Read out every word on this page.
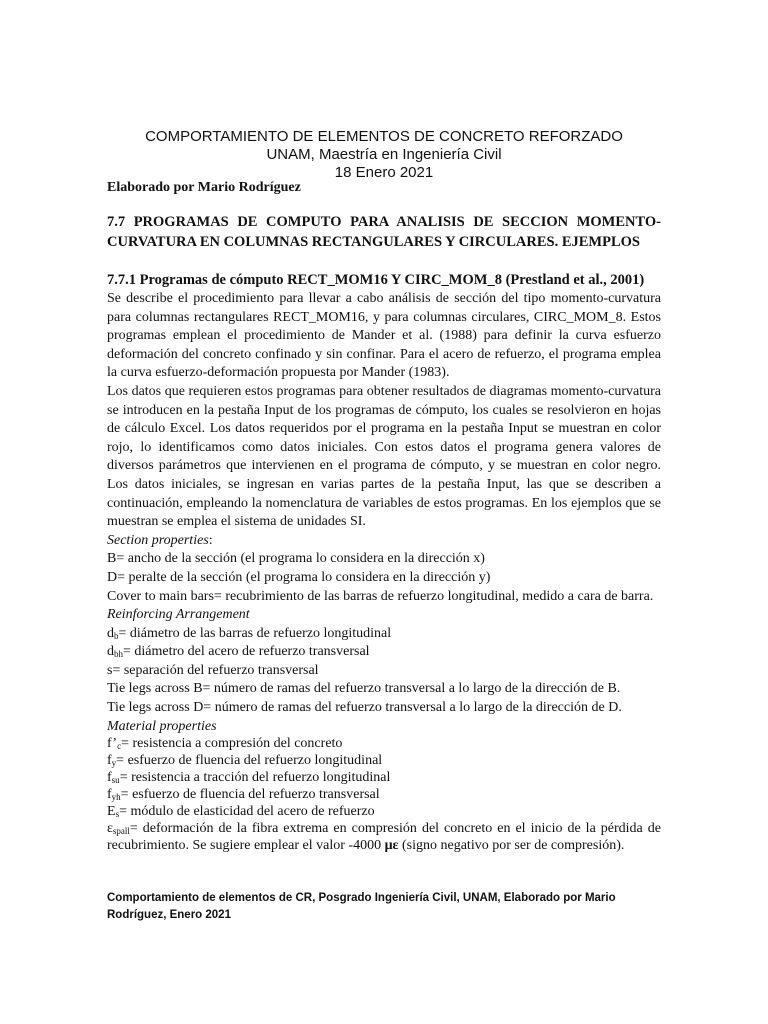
COMPORTAMIENTO DE ELEMENTOS DE CONCRETO REFORZADO
UNAM, Maestría en Ingeniería Civil
18 Enero 2021
Elaborado por Mario Rodríguez
7.7 PROGRAMAS DE COMPUTO PARA ANALISIS DE SECCION MOMENTO-
CURVATURA EN COLUMNAS RECTANGULARES Y CIRCULARES. EJEMPLOS
7.7.1 Programas de cómputo RECT_MOM16 Y CIRC_MOM_8 (Prestland et al., 2001)

Se describe el procedimiento para llevar a cabo análisis de sección del tipo momento-curvatura para columnas rectangulares RECT_MOM16, y para columnas circulares, CIRC_MOM_8. Estos programas emplean el procedimiento de Mander et al. (1988) para definir la curva esfuerzo deformación del concreto confinado y sin confinar. Para el acero de refuerzo, el programa emplea la curva esfuerzo-deformación propuesta por Mander (1983).

Los datos que requieren estos programas para obtener resultados de diagramas momento-curvatura se introducen en la pestaña Input de los programas de cómputo, los cuales se resolvieron en hojas de cálculo Excel. Los datos requeridos por el programa en la pestaña Input se muestran en color rojo, lo identificamos como datos iniciales. Con estos datos el programa genera valores de diversos parámetros que intervienen en el programa de cómputo, y se muestran en color negro. Los datos iniciales, se ingresan en varias partes de la pestaña Input, las que se describen a continuación, empleando la nomenclatura de variables de estos programas. En los ejemplos que se muestran se emplea el sistema de unidades SI.

Section properties:
B= ancho de la sección (el programa lo considera en la dirección x)
D= peralte de la sección (el programa lo considera en la dirección y)

Cover to main bars= recubrimiento de las barras de refuerzo longitudinal, medido a cara de barra.

Reinforcing Arrangement
$d_b=$ diámetro de las barras de refuerzo longitudinal
$d_{bh}=$ diámetro del acero de refuerzo transversal
s= separación del refuerzo transversal
Tie legs across B= número de ramas del refuerzo transversal a lo largo de la dirección de B.
Tie legs across D= número de ramas del refuerzo transversal a lo largo de la dirección de D.
Material properties
$f’_c=$ resistencia a compresión del concreto
$f_y=$ esfuerzo de fluencia del refuerzo longitudinal
$f_{su}=$ resistencia a tracción del refuerzo longitudinal
$f_{yh}=$ esfuerzo de fluencia del refuerzo transversal
$E_s=$ módulo de elasticidad del acero de refuerzo

$\varepsilon_{spall}=$ deformación de la fibra extrema en compresión del concreto en el inicio de la pérdida de recubrimiento. Se sugiere emplear el valor -4000 με (signo negativo por ser de compresión).

Comportamiento de elementos de CR, Posgrado Ingeniería Civil, UNAM, Elaborado por Mario Rodríguez, Enero 2021
